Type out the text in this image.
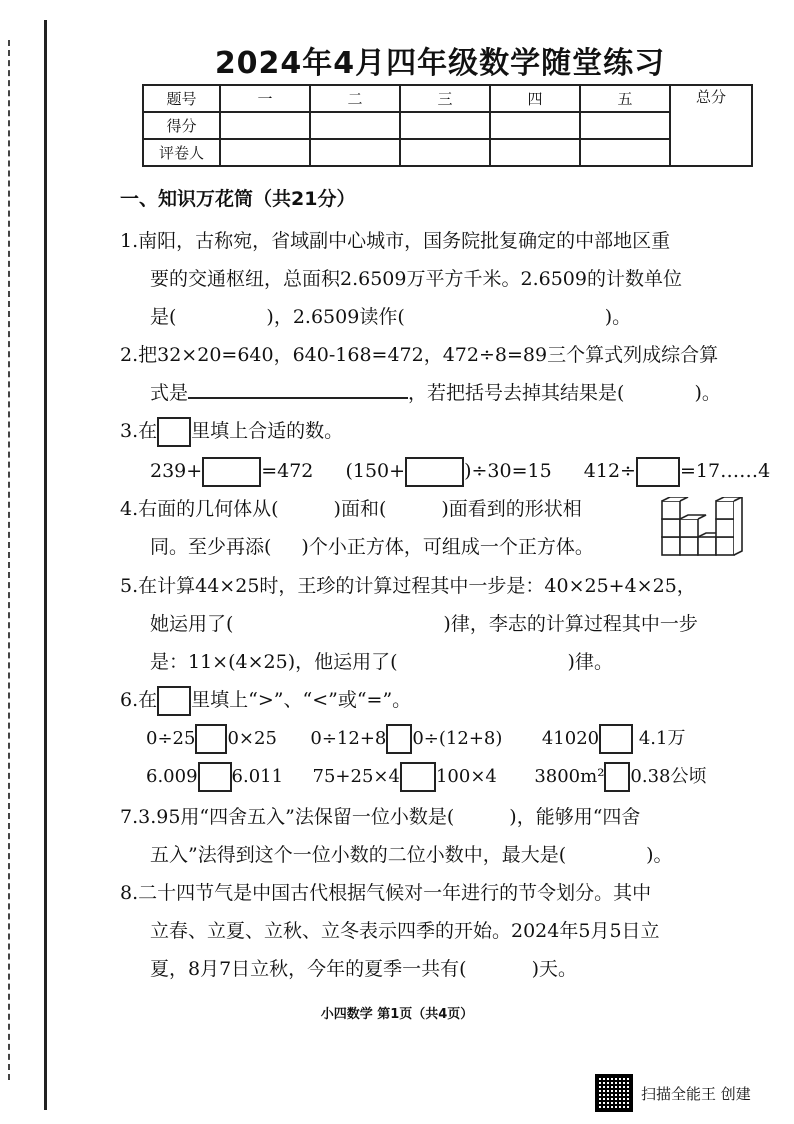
2024年4月四年级数学随堂练习
题号	一	二	三	四	五	总分
得分						
评卷人						
一、知识万花筒（共21分）
1.南阳，古称宛，省域副中心城市，国务院批复确定的中部地区重
要的交通枢纽，总面积2.6509万平方千米。2.6509的计数单位
是(	)，2.6509读作(	)。
2.把32×20=640，640-168=472，472÷8=89三个算式列成综合算
式是	，若把括号去掉其结果是(	)。
3.在 里填上合适的数。
239+	=472 (150+	)÷30=15 412÷ =17……4
4.右面的几何体从(	)面和(	)面看到的形状相
同。至少再添( )个小正方体，可组成一个正方体。
5.在计算44×25时，王珍的计算过程其中一步是：40×25+4×25，
她运用了(	)律，李志的计算过程其中一步
是：11×(4×25)，他运用了(	)律。
6.在 里填上“>”、“<”或“=”。
0÷25 0×25 0÷12+8 0÷(12+8) 41020 4.1万
6.009 6.011 75+25×4 100×4 3800m² 0.38公顷
7.3.95用“四舍五入”法保留一位小数是(	)，能够用“四舍
五入”法得到这个一位小数的二位小数中，最大是(	)。
8.二十四节气是中国古代根据气候对一年进行的节令划分。其中
立春、立夏、立秋、立冬表示四季的开始。2024年5月5日立
夏，8月7日立秋，今年的夏季一共有(	)天。
小四数学 第1页（共4页）
扫描全能王 创建
